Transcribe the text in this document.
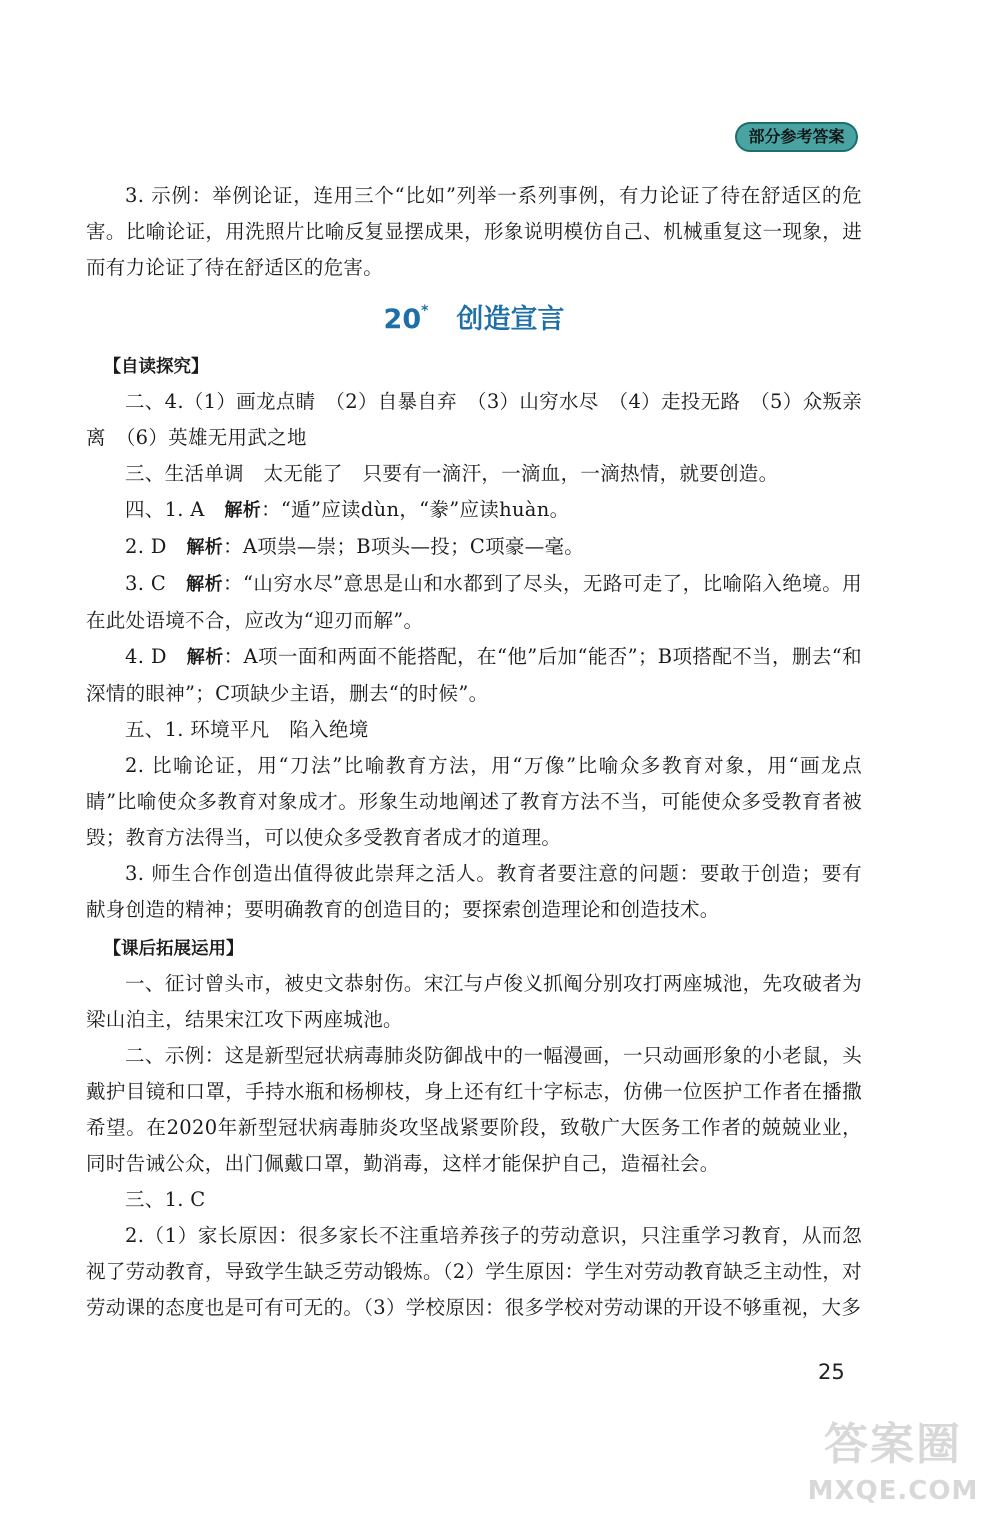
部分参考答案

3. 示例：举例论证，连用三个“比如”列举一系列事例，有力论证了待在舒适区的危害。比喻论证，用洗照片比喻反复显摆成果，形象说明模仿自己、机械重复这一现象，进而有力论证了待在舒适区的危害。

20* 创造宣言
【自读探究】

二、4.（1）画龙点睛　（2）自暴自弃　（3）山穷水尽　（4）走投无路　（5）众叛亲离　（6）英雄无用武之地

三、生活单调　太无能了　只要有一滴汗，一滴血，一滴热情，就要创造。

四、1. A　解析：“遁”应读dùn，“豢”应读huàn。

2. D　解析：A项祟—崇；B项头—投；C项豪—毫。

3. C　解析：“山穷水尽”意思是山和水都到了尽头，无路可走了，比喻陷入绝境。用在此处语境不合，应改为“迎刃而解”。

4. D　解析：A项一面和两面不能搭配，在“他”后加“能否”；B项搭配不当，删去“和深情的眼神”；C项缺少主语，删去“的时候”。

五、1. 环境平凡　陷入绝境

2. 比喻论证，用“刀法”比喻教育方法，用“万像”比喻众多教育对象，用“画龙点睛”比喻使众多教育对象成才。形象生动地阐述了教育方法不当，可能使众多受教育者被毁；教育方法得当，可以使众多受教育者成才的道理。

3. 师生合作创造出值得彼此崇拜之活人。教育者要注意的问题：要敢于创造；要有献身创造的精神；要明确教育的创造目的；要探索创造理论和创造技术。

【课后拓展运用】

一、征讨曾头市，被史文恭射伤。宋江与卢俊义抓阄分别攻打两座城池，先攻破者为梁山泊主，结果宋江攻下两座城池。

二、示例：这是新型冠状病毒肺炎防御战中的一幅漫画，一只动画形象的小老鼠，头戴护目镜和口罩，手持水瓶和杨柳枝，身上还有红十字标志，仿佛一位医护工作者在播撒希望。在2020年新型冠状病毒肺炎攻坚战紧要阶段，致敬广大医务工作者的兢兢业业，同时告诫公众，出门佩戴口罩，勤消毒，这样才能保护自己，造福社会。

三、1. C

2.（1）家长原因：很多家长不注重培养孩子的劳动意识，只注重学习教育，从而忽视了劳动教育，导致学生缺乏劳动锻炼。（2）学生原因：学生对劳动教育缺乏主动性，对劳动课的态度也是可有可无的。（3）学校原因：很多学校对劳动课的开设不够重视，大多

25
答案圈
MXQE.COM
